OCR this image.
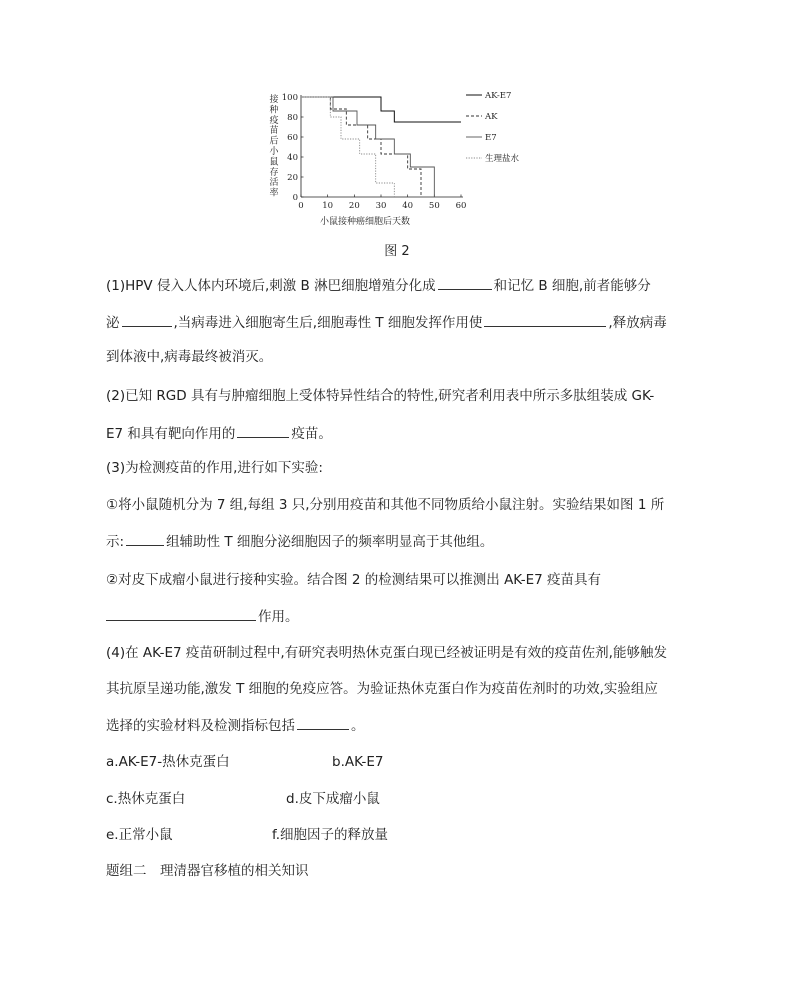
接
种
疫
苗
后
小
鼠
存
活
率
0 10 20 30 40 50 60
0
20
40
60
80
100	AK-E7
AK
E7
生理盐水
小鼠接种癌细胞后天数
图 2
(1)HPV 侵入人体内环境后,刺激 B 淋巴细胞增殖分化成	和记忆 B 细胞,前者能够分
泌	,当病毒进入细胞寄生后,细胞毒性 T 细胞发挥作用使	,释放病毒
到体液中,病毒最终被消灭。
(2)已知 RGD 具有与肿瘤细胞上受体特异性结合的特性,研究者利用表中所示多肽组装成 GK-
E7 和具有靶向作用的	疫苗。
(3)为检测疫苗的作用,进行如下实验:
①将小鼠随机分为 7 组,每组 3 只,分别用疫苗和其他不同物质给小鼠注射。实验结果如图 1 所
示:	组辅助性 T 细胞分泌细胞因子的频率明显高于其他组。
②对皮下成瘤小鼠进行接种实验。结合图 2 的检测结果可以推测出 AK-E7 疫苗具有
作用。
(4)在 AK-E7 疫苗研制过程中,有研究表明热休克蛋白现已经被证明是有效的疫苗佐剂,能够触发
其抗原呈递功能,激发 T 细胞的免疫应答。为验证热休克蛋白作为疫苗佐剂时的功效,实验组应
选择的实验材料及检测指标包括	。
a.AK-E7-热休克蛋白	b.AK-E7
c.热休克蛋白	d.皮下成瘤小鼠
e.正常小鼠	f.细胞因子的释放量
题组二　理清器官移植的相关知识
